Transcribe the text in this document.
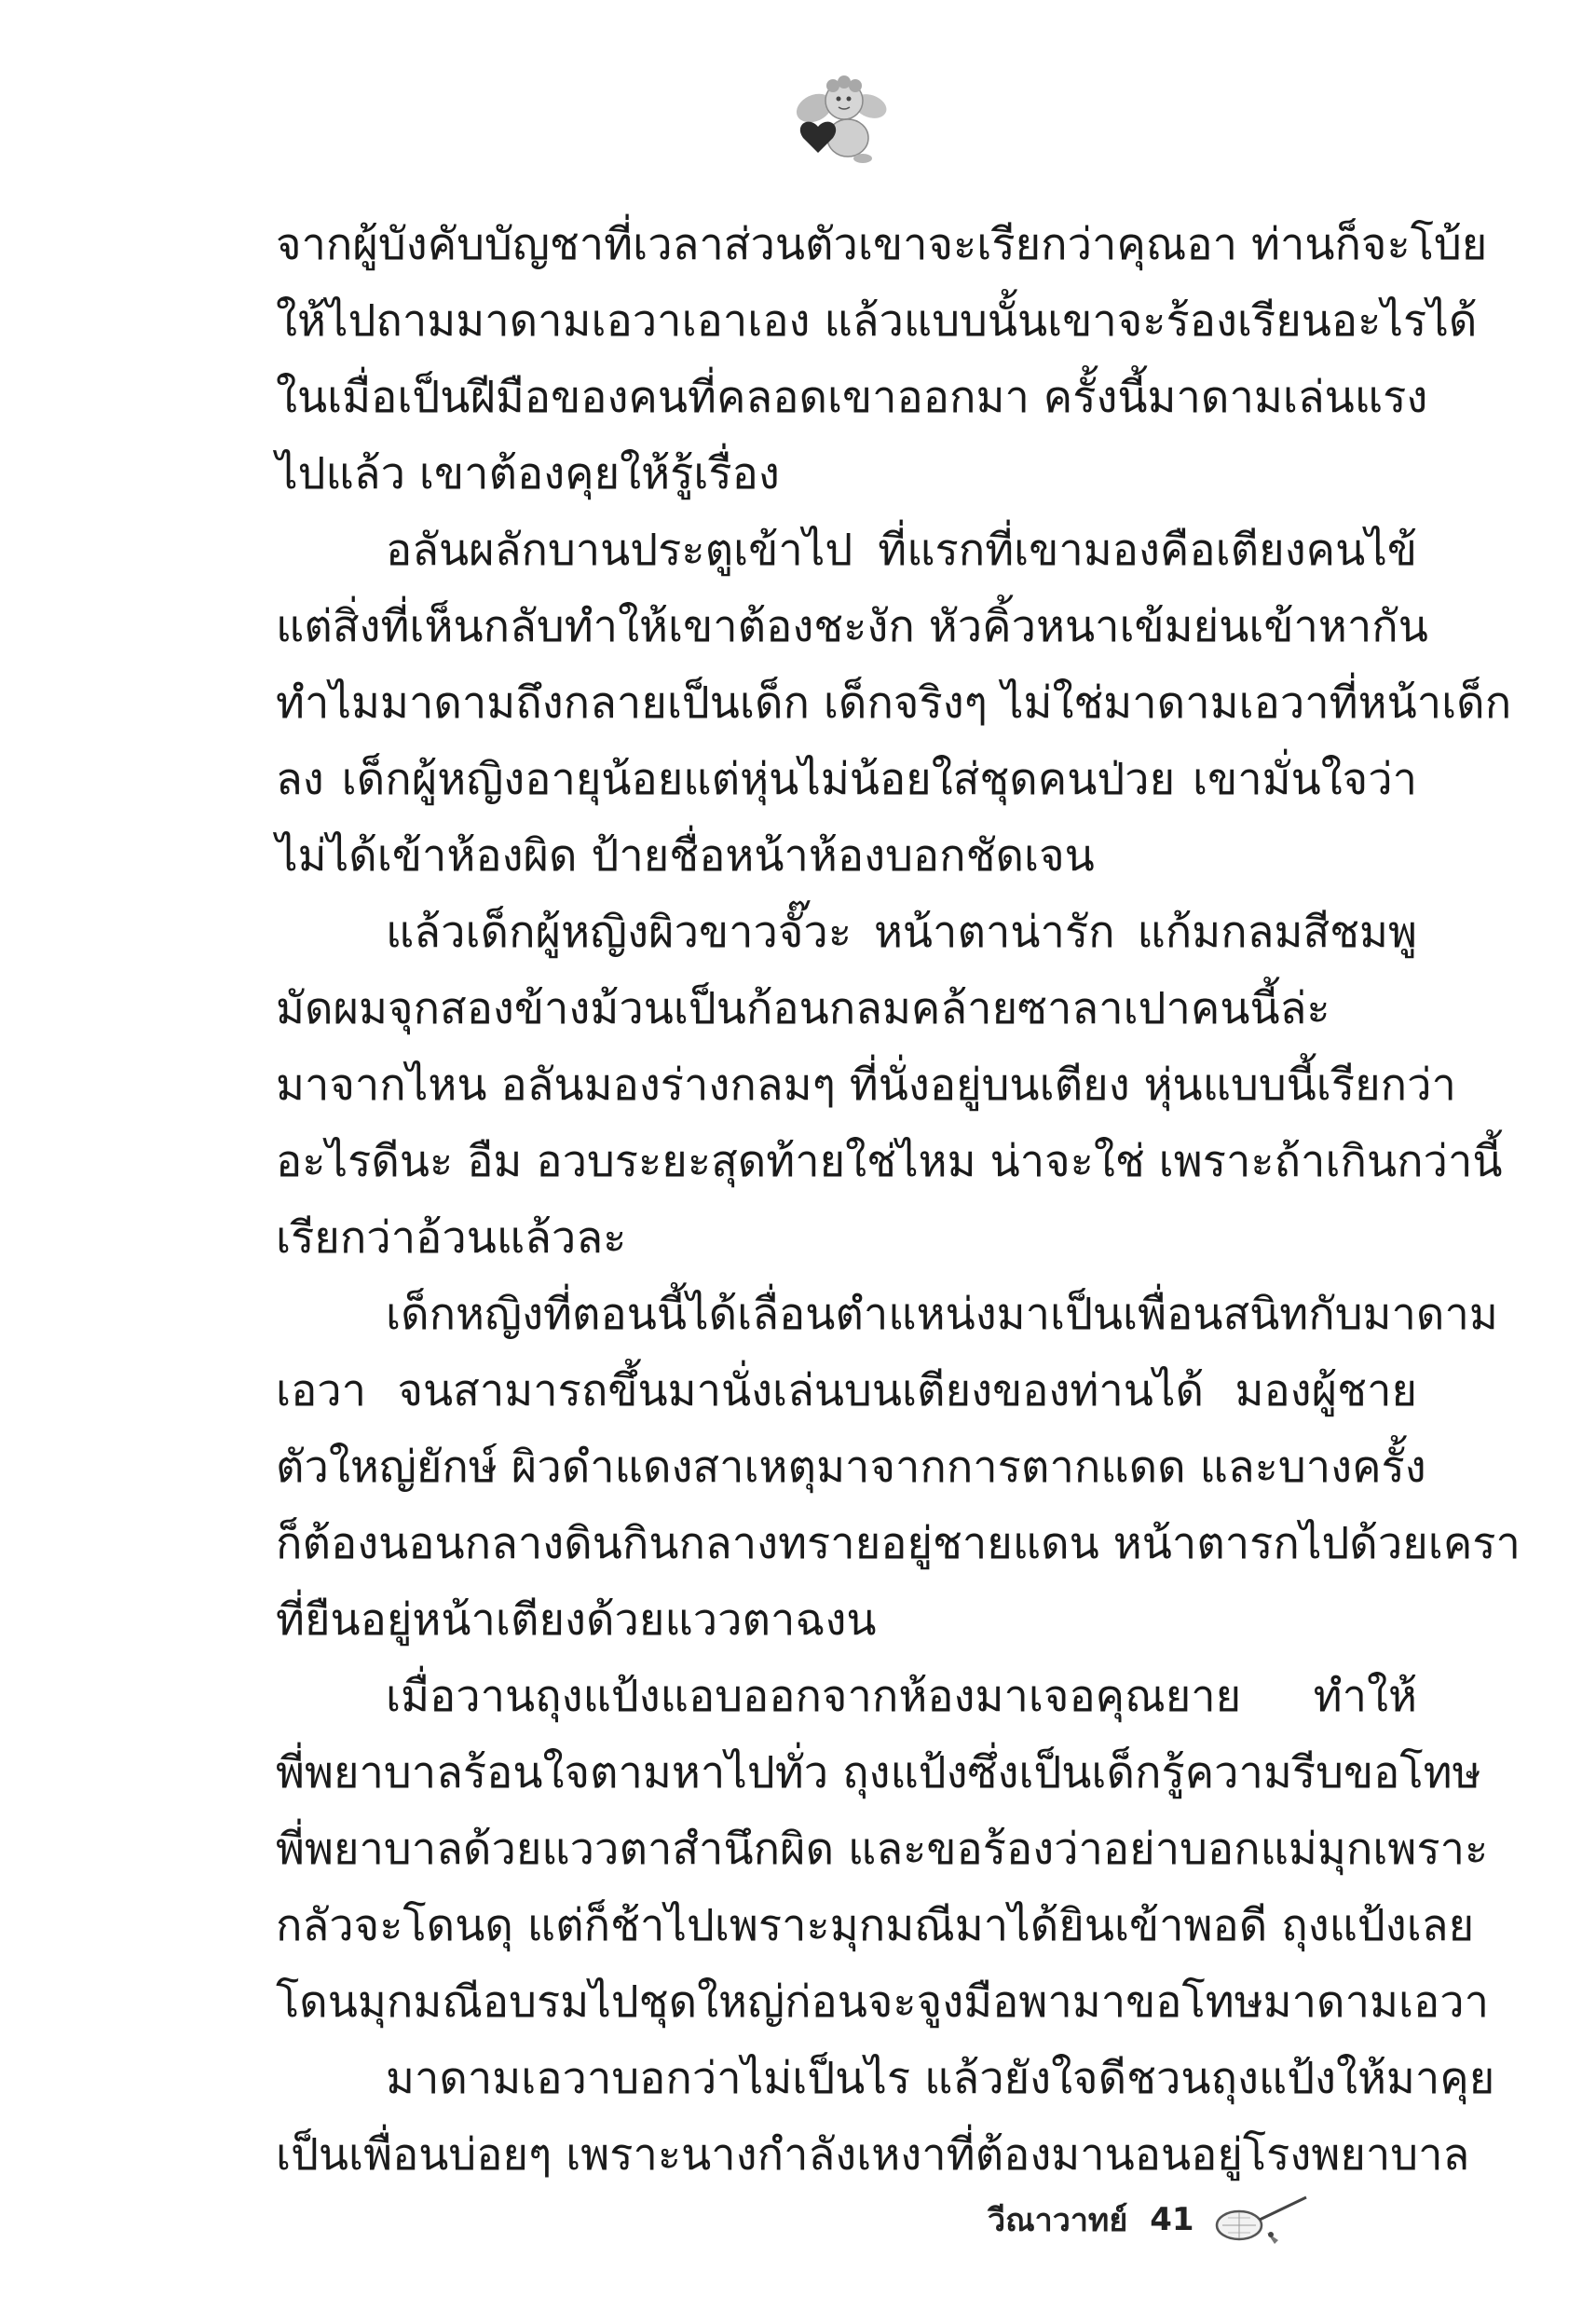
จากผู้บังคับบัญชาที่เวลาส่วนตัวเขาจะเรียกว่าคุณอา ท่านก็จะโบ้ย
ให้ไปถามมาดามเอวาเอาเอง แล้วแบบนั้นเขาจะร้องเรียนอะไรได้
ในเมื่อเป็นฝีมือของคนที่คลอดเขาออกมา ครั้งนี้มาดามเล่นแรง
ไปแล้ว เขาต้องคุยให้รู้เรื่อง
อลันผลักบานประตูเข้าไป ที่แรกที่เขามองคือเตียงคนไข้
แต่สิ่งที่เห็นกลับทำให้เขาต้องชะงัก หัวคิ้วหนาเข้มย่นเข้าหากัน
ทำไมมาดามถึงกลายเป็นเด็ก เด็กจริงๆ ไม่ใช่มาดามเอวาที่หน้าเด็ก
ลง เด็กผู้หญิงอายุน้อยแต่หุ่นไม่น้อยใส่ชุดคนป่วย เขามั่นใจว่า
ไม่ได้เข้าห้องผิด ป้ายชื่อหน้าห้องบอกชัดเจน
แล้วเด็กผู้หญิงผิวขาวจั๊วะ หน้าตาน่ารัก แก้มกลมสีชมพู
มัดผมจุกสองข้างม้วนเป็นก้อนกลมคล้ายซาลาเปาคนนี้ล่ะ
มาจากไหน อลันมองร่างกลมๆ ที่นั่งอยู่บนเตียง หุ่นแบบนี้เรียกว่า
อะไรดีนะ อืม อวบระยะสุดท้ายใช่ไหม น่าจะใช่ เพราะถ้าเกินกว่านี้
เรียกว่าอ้วนแล้วละ
เด็กหญิงที่ตอนนี้ได้เลื่อนตำแหน่งมาเป็นเพื่อนสนิทกับมาดาม
เอวา จนสามารถขึ้นมานั่งเล่นบนเตียงของท่านได้ มองผู้ชาย
ตัวใหญ่ยักษ์ ผิวดำแดงสาเหตุมาจากการตากแดด และบางครั้ง
ก็ต้องนอนกลางดินกินกลางทรายอยู่ชายแดน หน้าตารกไปด้วยเครา
ที่ยืนอยู่หน้าเตียงด้วยแววตาฉงน
เมื่อวานถุงแป้งแอบออกจากห้องมาเจอคุณยาย ทำให้
พี่พยาบาลร้อนใจตามหาไปทั่ว ถุงแป้งซึ่งเป็นเด็กรู้ความรีบขอโทษ
พี่พยาบาลด้วยแววตาสำนึกผิด และขอร้องว่าอย่าบอกแม่มุกเพราะ
กลัวจะโดนดุ แต่ก็ช้าไปเพราะมุกมณีมาได้ยินเข้าพอดี ถุงแป้งเลย
โดนมุกมณีอบรมไปชุดใหญ่ก่อนจะจูงมือพามาขอโทษมาดามเอวา
มาดามเอวาบอกว่าไม่เป็นไร แล้วยังใจดีชวนถุงแป้งให้มาคุย
เป็นเพื่อนบ่อยๆ เพราะนางกำลังเหงาที่ต้องมานอนอยู่โรงพยาบาล
วีณาวาทย์ 41
